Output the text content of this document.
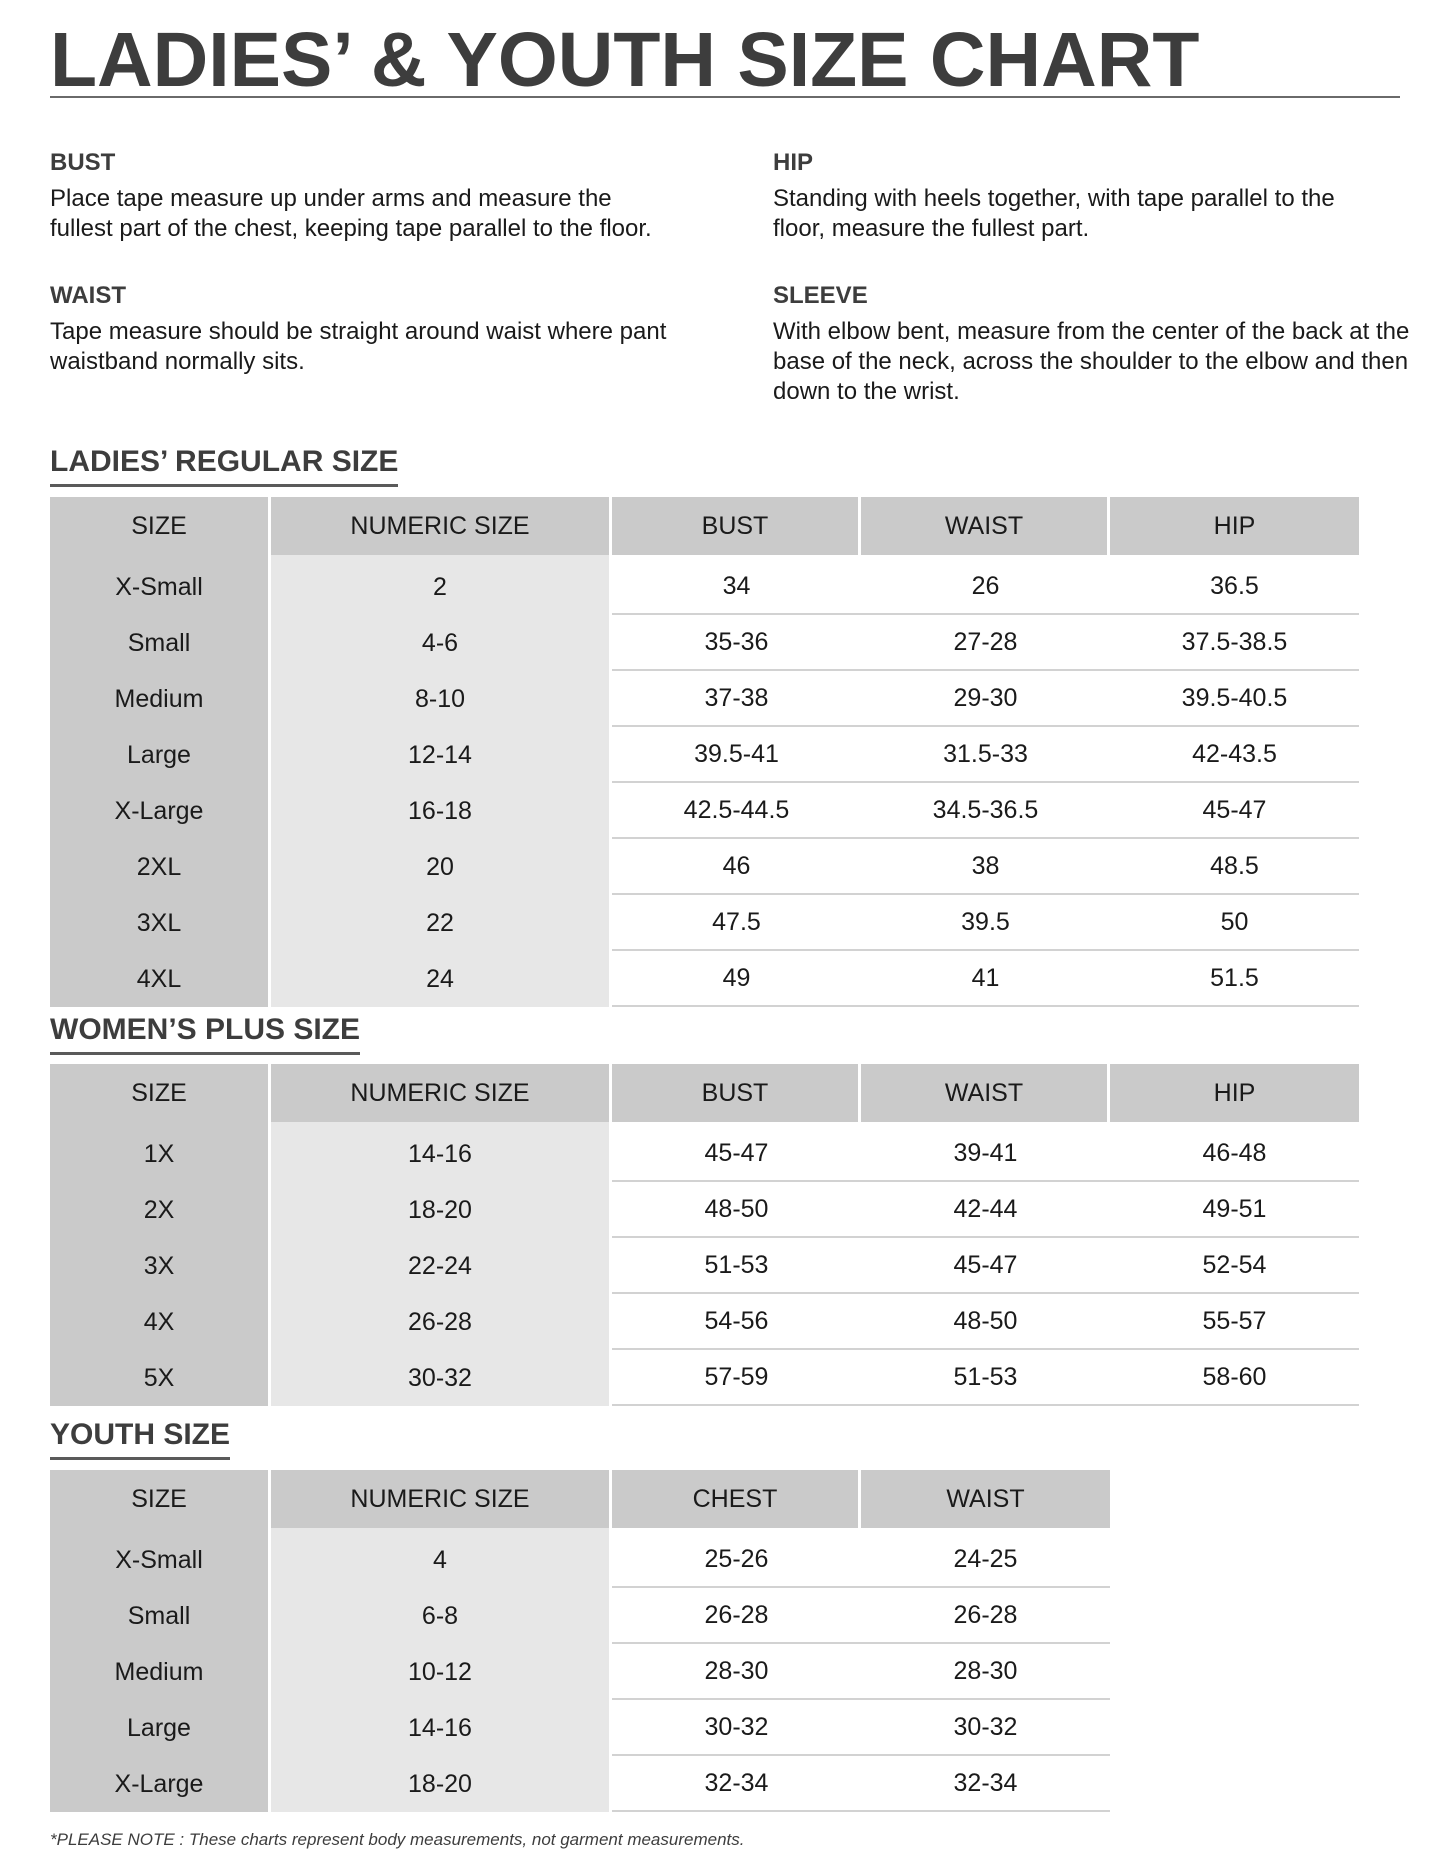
LADIES’ & YOUTH SIZE CHART

BUST

Place tape measure up under arms and measure the fullest part of the chest, keeping tape parallel to the floor.

HIP

Standing with heels together, with tape parallel to the floor, measure the fullest part.

WAIST

Tape measure should be straight around waist where pant waistband normally sits.

SLEEVE

With elbow bent, measure from the center of the back at the base of the neck, across the shoulder to the elbow and then down to the wrist.

LADIES’ REGULAR SIZE
SIZE	NUMERIC SIZE	BUST	WAIST	HIP
X-Small	2	34	26	36.5
Small	4-6	35-36	27-28	37.5-38.5
Medium	8-10	37-38	29-30	39.5-40.5
Large	12-14	39.5-41	31.5-33	42-43.5
X-Large	16-18	42.5-44.5	34.5-36.5	45-47
2XL	20	46	38	48.5
3XL	22	47.5	39.5	50
4XL	24	49	41	51.5
WOMEN’S PLUS SIZE
SIZE	NUMERIC SIZE	BUST	WAIST	HIP
1X	14-16	45-47	39-41	46-48
2X	18-20	48-50	42-44	49-51
3X	22-24	51-53	45-47	52-54
4X	26-28	54-56	48-50	55-57
5X	30-32	57-59	51-53	58-60
YOUTH SIZE
SIZE	NUMERIC SIZE	CHEST	WAIST
X-Small	4	25-26	24-25
Small	6-8	26-28	26-28
Medium	10-12	28-30	28-30
Large	14-16	30-32	30-32
X-Large	18-20	32-34	32-34
*PLEASE NOTE : These charts represent body measurements, not garment measurements.
